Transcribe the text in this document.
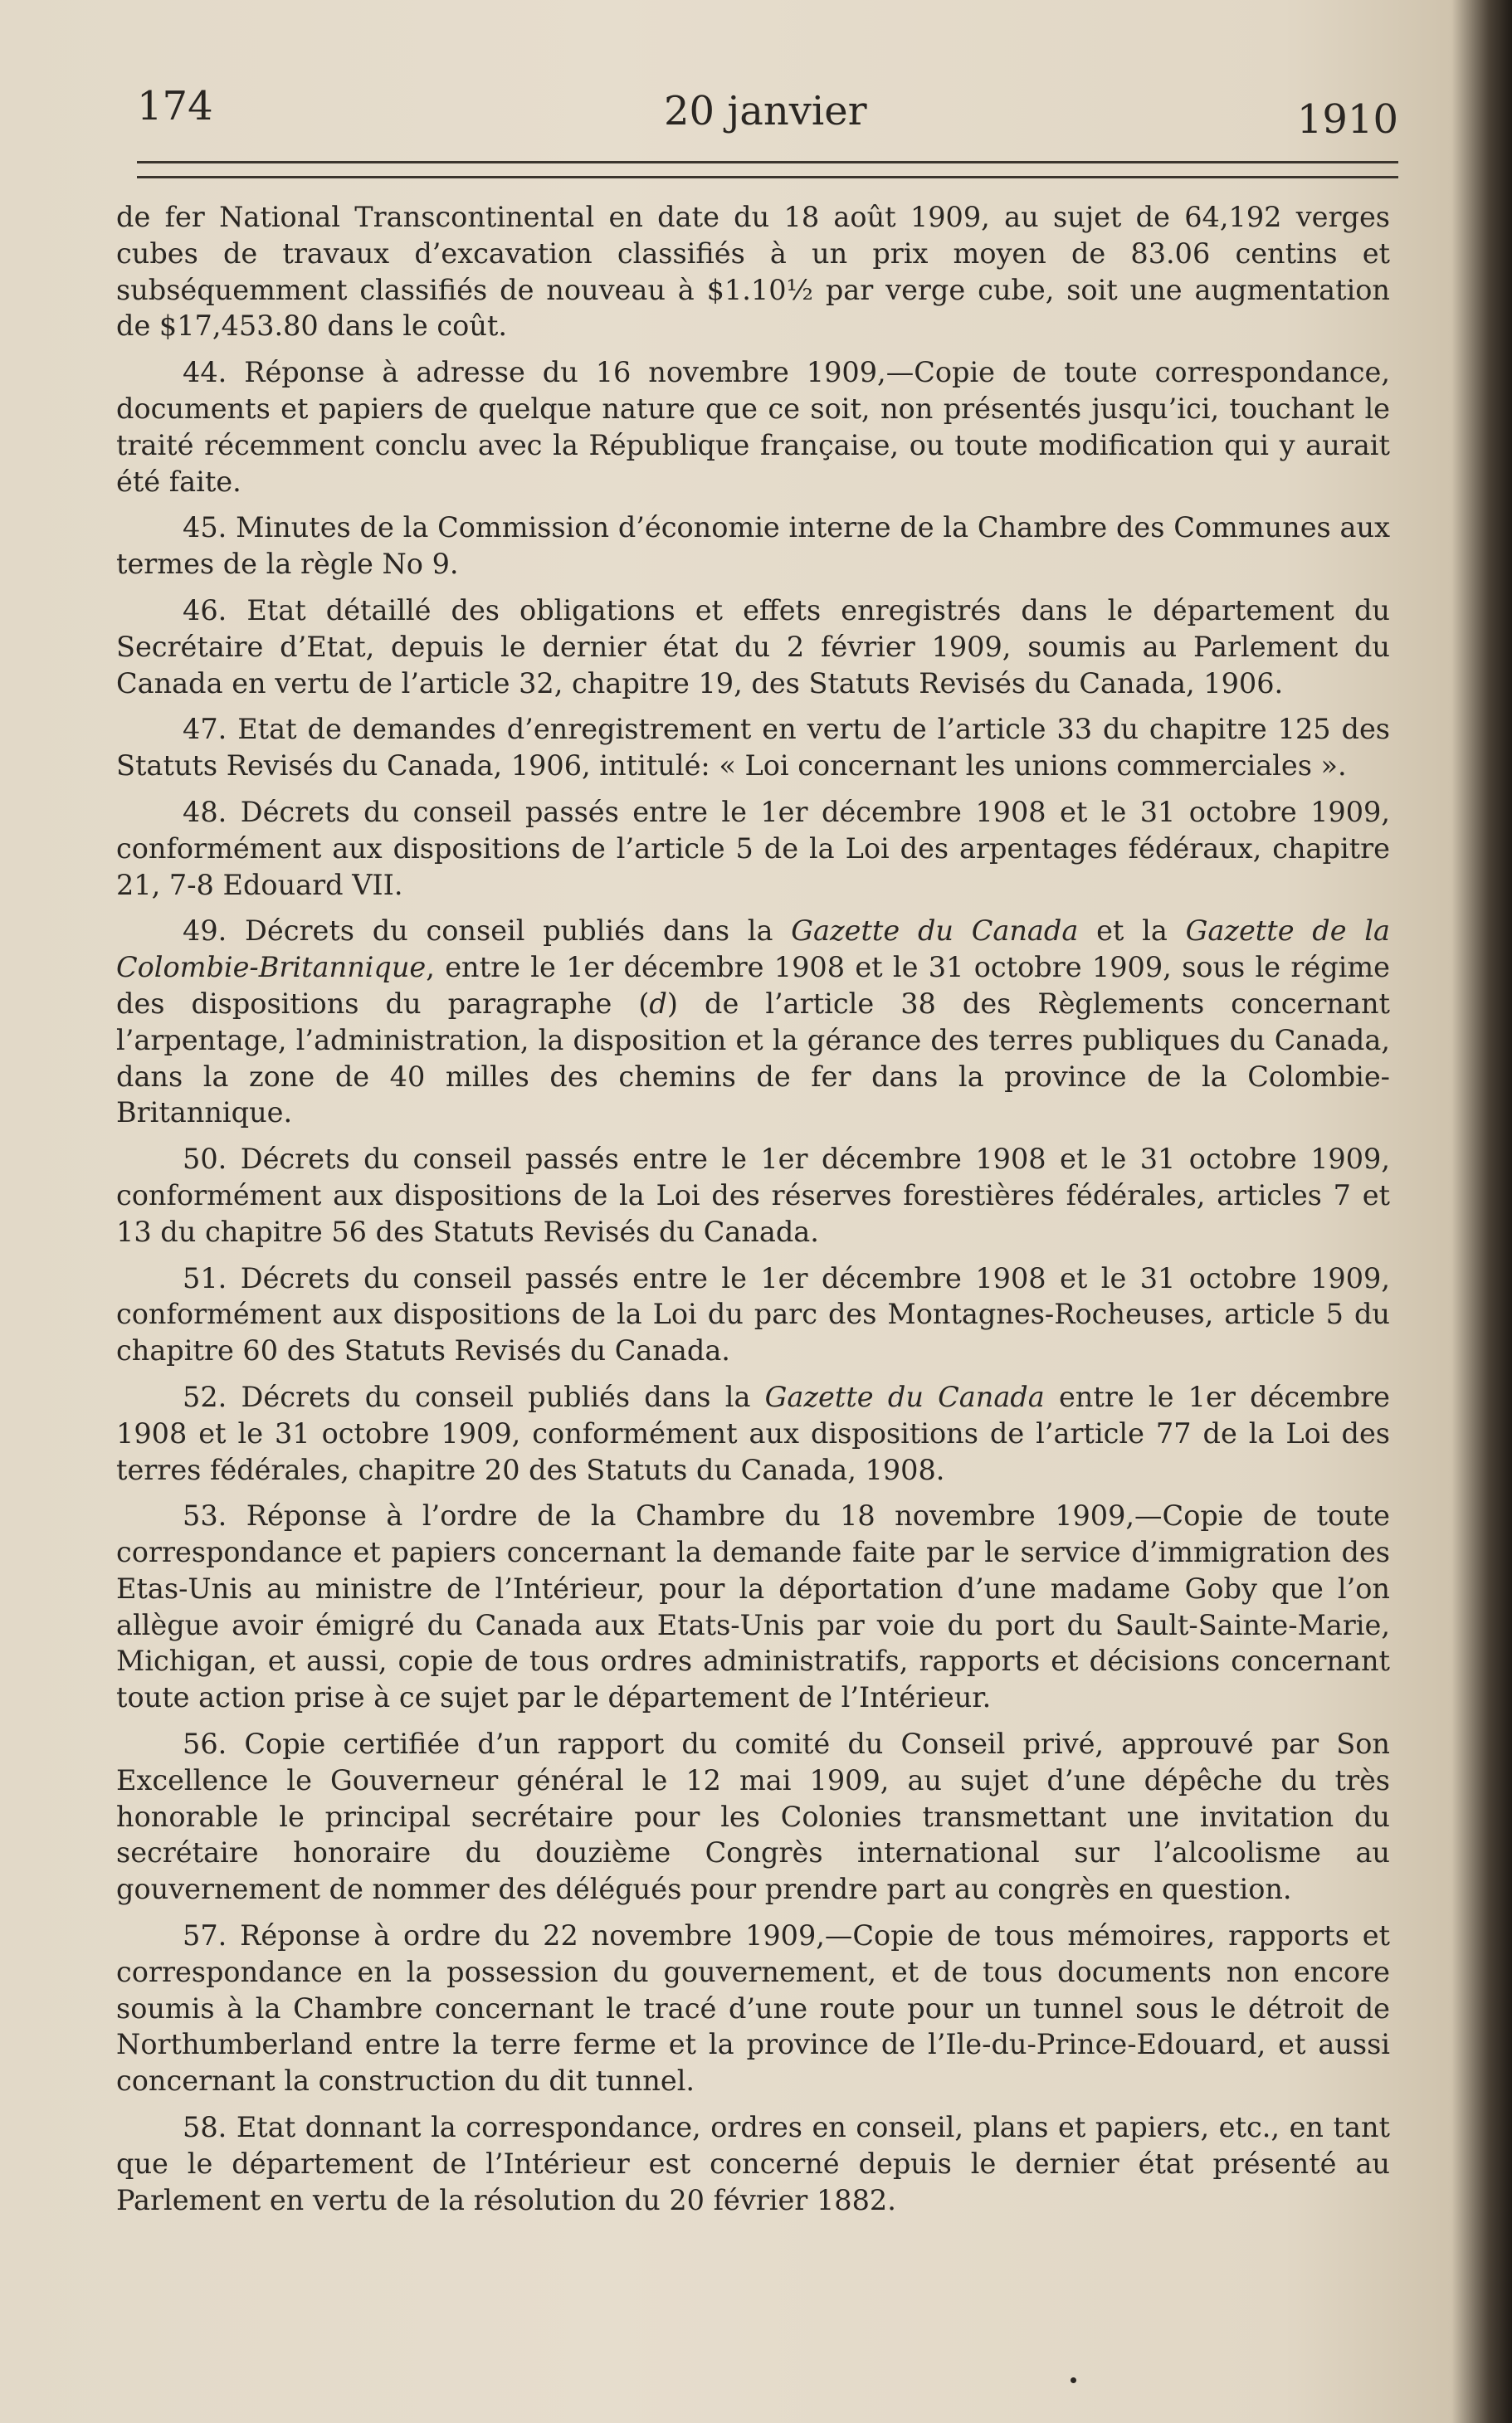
174	20 janvier	1910

de fer National Transcontinental en date du 18 août 1909, au sujet de 64,192 verges cubes de travaux d’excavation classifiés à un prix moyen de 83.06 centins et subséquemment classifiés de nouveau à $1.10½ par verge cube, soit une augmentation de $17,453.80 dans le coût.

44. Réponse à adresse du 16 novembre 1909,—Copie de toute correspondance, documents et papiers de quelque nature que ce soit, non présentés jusqu’ici, touchant le traité récemment conclu avec la République française, ou toute modification qui y aurait été faite.

45. Minutes de la Commission d’économie interne de la Chambre des Communes aux termes de la règle No 9.

46. Etat détaillé des obligations et effets enregistrés dans le département du Secrétaire d’Etat, depuis le dernier état du 2 février 1909, soumis au Parlement du Canada en vertu de l’article 32, chapitre 19, des Statuts Revisés du Canada, 1906.

47. Etat de demandes d’enregistrement en vertu de l’article 33 du chapitre 125 des Statuts Revisés du Canada, 1906, intitulé: « Loi concernant les unions commerciales ».

48. Décrets du conseil passés entre le 1er décembre 1908 et le 31 octobre 1909, conformément aux dispositions de l’article 5 de la Loi des arpentages fédéraux, chapitre 21, 7-8 Edouard VII.

49. Décrets du conseil publiés dans la Gazette du Canada et la Gazette de la Colombie-Britannique, entre le 1er décembre 1908 et le 31 octobre 1909, sous le régime des dispositions du paragraphe (d) de l’article 38 des Règlements concernant l’arpentage, l’administration, la disposition et la gérance des terres publiques du Canada, dans la zone de 40 milles des chemins de fer dans la province de la Colombie-Britannique.

50. Décrets du conseil passés entre le 1er décembre 1908 et le 31 octobre 1909, conformément aux dispositions de la Loi des réserves forestières fédérales, articles 7 et 13 du chapitre 56 des Statuts Revisés du Canada.

51. Décrets du conseil passés entre le 1er décembre 1908 et le 31 octobre 1909, conformément aux dispositions de la Loi du parc des Montagnes-Rocheuses, article 5 du chapitre 60 des Statuts Revisés du Canada.

52. Décrets du conseil publiés dans la Gazette du Canada entre le 1er décembre 1908 et le 31 octobre 1909, conformément aux dispositions de l’article 77 de la Loi des terres fédérales, chapitre 20 des Statuts du Canada, 1908.

53. Réponse à l’ordre de la Chambre du 18 novembre 1909,—Copie de toute correspondance et papiers concernant la demande faite par le service d’immigration des Etas-Unis au ministre de l’Intérieur, pour la déportation d’une madame Goby que l’on allègue avoir émigré du Canada aux Etats-Unis par voie du port du Sault-Sainte-Marie, Michigan, et aussi, copie de tous ordres administratifs, rapports et décisions concernant toute action prise à ce sujet par le département de l’Intérieur.

56. Copie certifiée d’un rapport du comité du Conseil privé, approuvé par Son Excellence le Gouverneur général le 12 mai 1909, au sujet d’une dépêche du très honorable le principal secrétaire pour les Colonies transmettant une invitation du secrétaire honoraire du douzième Congrès international sur l’alcoolisme au gouvernement de nommer des délégués pour prendre part au congrès en question.

57. Réponse à ordre du 22 novembre 1909,—Copie de tous mémoires, rapports et correspondance en la possession du gouvernement, et de tous documents non encore soumis à la Chambre concernant le tracé d’une route pour un tunnel sous le détroit de Northumberland entre la terre ferme et la province de l’Ile-du-Prince-Edouard, et aussi concernant la construction du dit tunnel.

58. Etat donnant la correspondance, ordres en conseil, plans et papiers, etc., en tant que le département de l’Intérieur est concerné depuis le dernier état présenté au Parlement en vertu de la résolution du 20 février 1882.
